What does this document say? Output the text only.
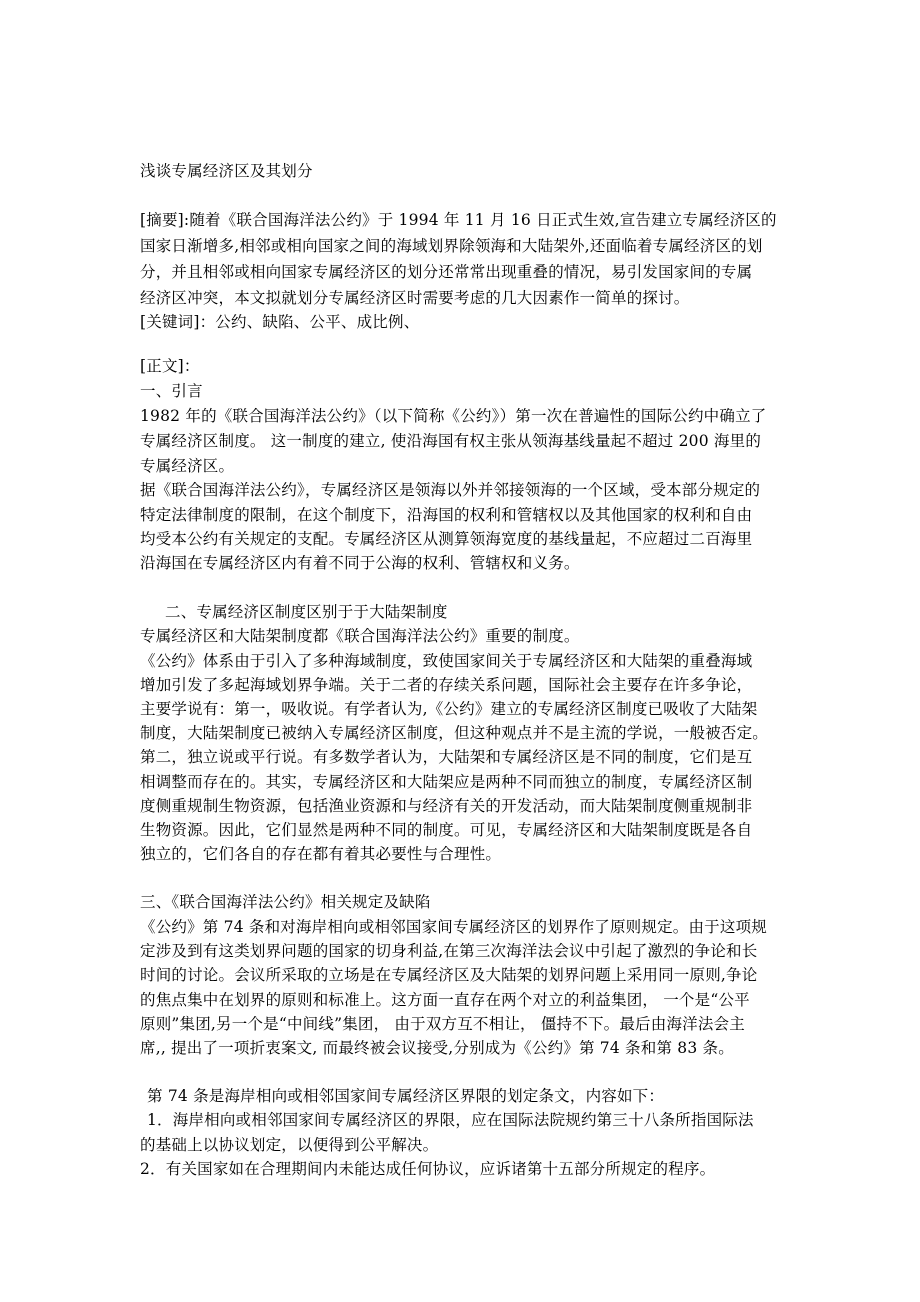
浅谈专属经济区及其划分
[摘要]:随着《联合国海洋法公约》于 1994 年 11 月 16 日正式生效,宣告建立专属经济区的
国家日渐增多,相邻或相向国家之间的海域划界除领海和大陆架外,还面临着专属经济区的划
分，并且相邻或相向国家专属经济区的划分还常常出现重叠的情况，易引发国家间的专属
经济区冲突，本文拟就划分专属经济区时需要考虑的几大因素作一简单的探讨。
[关键词]：公约、缺陷、公平、成比例、
[正文]：
一、引言
1982 年的《联合国海洋法公约》（以下简称《公约》）第一次在普遍性的国际公约中确立了
专属经济区制度。 这一制度的建立, 使沿海国有权主张从领海基线量起不超过 200 海里的
专属经济区。
据《联合国海洋法公约》，专属经济区是领海以外并邻接领海的一个区域，受本部分规定的
特定法律制度的限制，在这个制度下，沿海国的权利和管辖权以及其他国家的权利和自由
均受本公约有关规定的支配。专属经济区从测算领海宽度的基线量起，不应超过二百海里
沿海国在专属经济区内有着不同于公海的权利、管辖权和义务。
二、专属经济区制度区别于于大陆架制度
专属经济区和大陆架制度都《联合国海洋法公约》重要的制度。
《公约》体系由于引入了多种海域制度，致使国家间关于专属经济区和大陆架的重叠海域
增加引发了多起海域划界争端。关于二者的存续关系问题，国际社会主要存在许多争论，
主要学说有：第一，吸收说。有学者认为,《公约》建立的专属经济区制度已吸收了大陆架
制度，大陆架制度已被纳入专属经济区制度，但这种观点并不是主流的学说，一般被否定。
第二，独立说或平行说。有多数学者认为，大陆架和专属经济区是不同的制度，它们是互
相调整而存在的。其实，专属经济区和大陆架应是两种不同而独立的制度，专属经济区制
度侧重规制生物资源，包括渔业资源和与经济有关的开发活动，而大陆架制度侧重规制非
生物资源。因此，它们显然是两种不同的制度。可见，专属经济区和大陆架制度既是各自
独立的，它们各自的存在都有着其必要性与合理性。
三、《联合国海洋法公约》相关规定及缺陷
《公约》第 74 条和对海岸相向或相邻国家间专属经济区的划界作了原则规定。由于这项规
定涉及到有这类划界问题的国家的切身利益,在第三次海洋法会议中引起了激烈的争论和长
时间的讨论。会议所采取的立场是在专属经济区及大陆架的划界问题上采用同一原则,争论
的焦点集中在划界的原则和标准上。这方面一直存在两个对立的利益集团， 一个是“公平
原则”集团,另一个是“中间线”集团， 由于双方互不相让， 僵持不下。最后由海洋法会主
席,, 提出了一项折衷案文, 而最终被会议接受,分别成为《公约》第 74 条和第 83 条。
第 74 条是海岸相向或相邻国家间专属经济区界限的划定条文，内容如下：
1．海岸相向或相邻国家间专属经济区的界限，应在国际法院规约第三十八条所指国际法
的基础上以协议划定，以便得到公平解决。
2．有关国家如在合理期间内未能达成任何协议，应诉诸第十五部分所规定的程序。
